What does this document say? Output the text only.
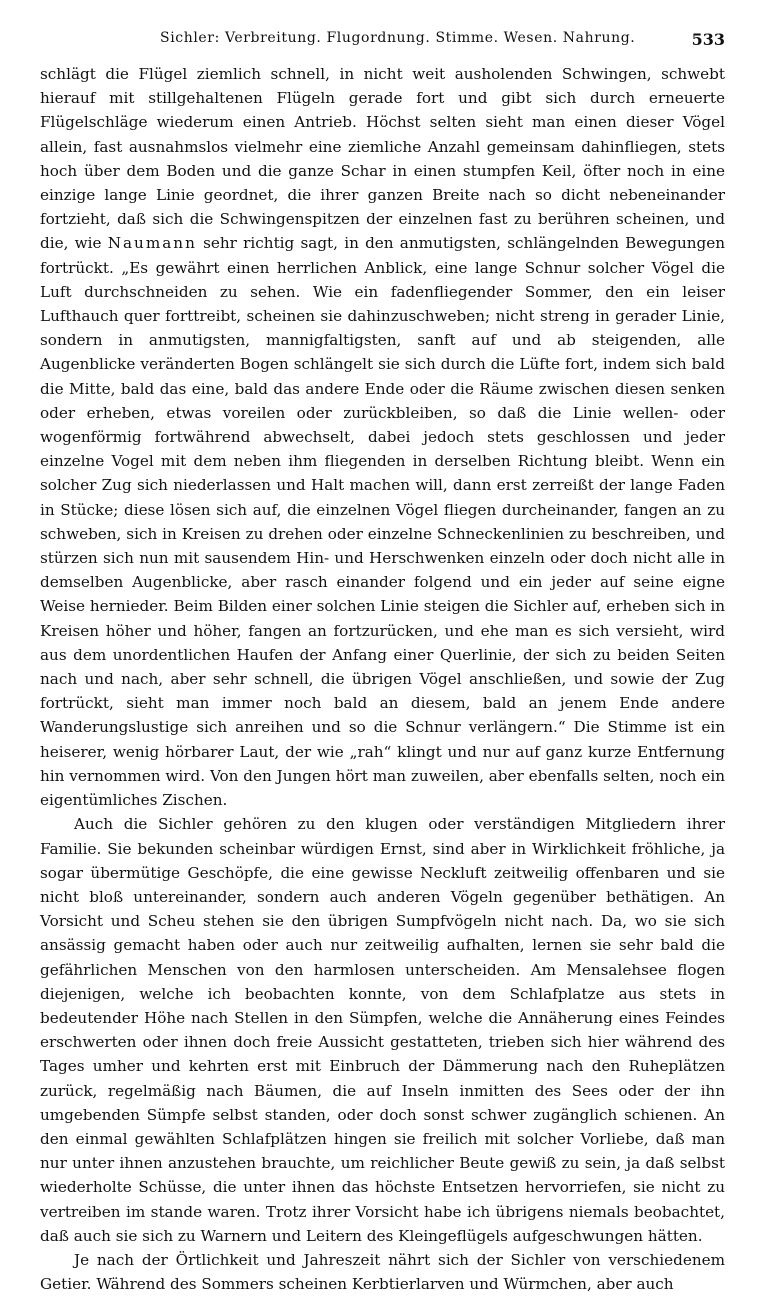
Sichler: Verbreitung. Flugordnung. Stimme. Wesen. Nahrung.	533

schlägt die Flügel ziemlich schnell, in nicht weit ausholenden Schwingen, schwebt hierauf mit stillgehaltenen Flügeln gerade fort und gibt sich durch erneuerte Flügelschläge wiederum einen Antrieb. Höchst selten sieht man einen dieser Vögel allein, fast ausnahmslos vielmehr eine ziemliche Anzahl gemeinsam dahinfliegen, stets hoch über dem Boden und die ganze Schar in einen stumpfen Keil, öfter noch in eine einzige lange Linie geordnet, die ihrer ganzen Breite nach so dicht nebeneinander fortzieht, daß sich die Schwingenspitzen der einzelnen fast zu berühren scheinen, und die, wie Naumann sehr richtig sagt, in den anmutigsten, schlängelnden Bewegungen fortrückt. „Es gewährt einen herrlichen Anblick, eine lange Schnur solcher Vögel die Luft durchschneiden zu sehen. Wie ein fadenfliegender Sommer, den ein leiser Lufthauch quer forttreibt, scheinen sie dahinzuschweben; nicht streng in gerader Linie, sondern in anmutigsten, mannigfaltigsten, sanft auf und ab steigenden, alle Augenblicke veränderten Bogen schlängelt sie sich durch die Lüfte fort, indem sich bald die Mitte, bald das eine, bald das andere Ende oder die Räume zwischen diesen senken oder erheben, etwas voreilen oder zurückbleiben, so daß die Linie wellen- oder wogenförmig fortwährend abwechselt, dabei jedoch stets geschlossen und jeder einzelne Vogel mit dem neben ihm fliegenden in derselben Richtung bleibt. Wenn ein solcher Zug sich niederlassen und Halt machen will, dann erst zerreißt der lange Faden in Stücke; diese lösen sich auf, die einzelnen Vögel fliegen durcheinander, fangen an zu schweben, sich in Kreisen zu drehen oder einzelne Schneckenlinien zu beschreiben, und stürzen sich nun mit sausendem Hin- und Herschwenken einzeln oder doch nicht alle in demselben Augenblicke, aber rasch einander folgend und ein jeder auf seine eigne Weise hernieder. Beim Bilden einer solchen Linie steigen die Sichler auf, erheben sich in Kreisen höher und höher, fangen an fortzurücken, und ehe man es sich versieht, wird aus dem unordentlichen Haufen der Anfang einer Querlinie, der sich zu beiden Seiten nach und nach, aber sehr schnell, die übrigen Vögel anschließen, und sowie der Zug fortrückt, sieht man immer noch bald an diesem, bald an jenem Ende andere Wanderungslustige sich anreihen und so die Schnur verlängern.“ Die Stimme ist ein heiserer, wenig hörbarer Laut, der wie „rah“ klingt und nur auf ganz kurze Entfernung hin vernommen wird. Von den Jungen hört man zuweilen, aber ebenfalls selten, noch ein eigentümliches Zischen.

Auch die Sichler gehören zu den klugen oder verständigen Mitgliedern ihrer Familie. Sie bekunden scheinbar würdigen Ernst, sind aber in Wirklichkeit fröhliche, ja sogar übermütige Geschöpfe, die eine gewisse Neckluft zeitweilig offenbaren und sie nicht bloß untereinander, sondern auch anderen Vögeln gegenüber bethätigen. An Vorsicht und Scheu stehen sie den übrigen Sumpfvögeln nicht nach. Da, wo sie sich ansässig gemacht haben oder auch nur zeitweilig aufhalten, lernen sie sehr bald die gefährlichen Menschen von den harmlosen unterscheiden. Am Mensalehsee flogen diejenigen, welche ich beobachten konnte, von dem Schlafplatze aus stets in bedeutender Höhe nach Stellen in den Sümpfen, welche die Annäherung eines Feindes erschwerten oder ihnen doch freie Aussicht gestatteten, trieben sich hier während des Tages umher und kehrten erst mit Einbruch der Dämmerung nach den Ruheplätzen zurück, regelmäßig nach Bäumen, die auf Inseln inmitten des Sees oder der ihn umgebenden Sümpfe selbst standen, oder doch sonst schwer zugänglich schienen. An den einmal gewählten Schlafplätzen hingen sie freilich mit solcher Vorliebe, daß man nur unter ihnen anzustehen brauchte, um reichlicher Beute gewiß zu sein, ja daß selbst wiederholte Schüsse, die unter ihnen das höchste Entsetzen hervorriefen, sie nicht zu vertreiben im stande waren. Trotz ihrer Vorsicht habe ich übrigens niemals beobachtet, daß auch sie sich zu Warnern und Leitern des Kleingeflügels aufgeschwungen hätten.

Je nach der Örtlichkeit und Jahreszeit nährt sich der Sichler von verschiedenem Getier. Während des Sommers scheinen Kerbtierlarven und Würmchen, aber auch
